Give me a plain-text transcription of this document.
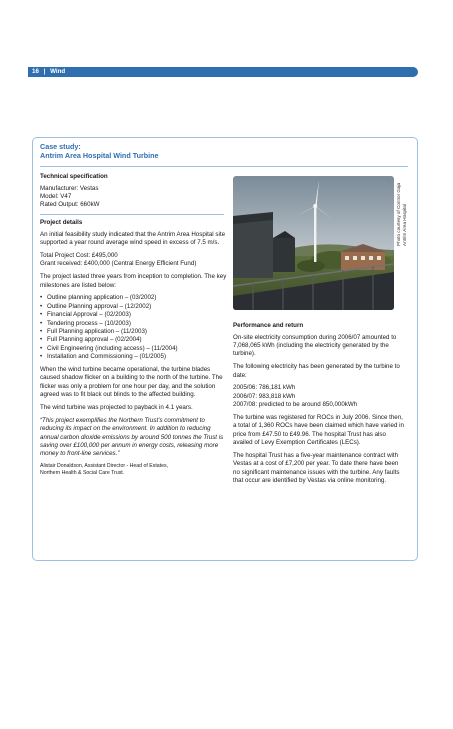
16 | Wind
Case study:
Antrim Area Hospital Wind Turbine

Technical specification

Manufacturer: Vestas
Model: V47
Rated Output: 660kW

Project details

An initial feasibility study indicated that the Antrim Area Hospital site supported a year round average wind speed in excess of 7.5 m/s.

Total Project Cost: £495,000
Grant received: £400,000 (Central Energy Efficient Fund)

The project lasted three years from inception to completion. The key milestones are listed below:

• Outline planning application – (03/2002)
• Outline Planning approval – (12/2002)
• Financial Approval – (02/2003)
• Tendering process – (10/2003)
• Full Planning application – (11/2003)
• Full Planning approval – (02/2004)
• Civil Engineering (including access) – (11/2004)
• Installation and Commissioning – (01/2005)

When the wind turbine became operational, the turbine blades caused shadow flicker on a building to the north of the turbine. The flicker was only a problem for one hour per day, and the solution agreed was to fit black out blinds to the affected building.

The wind turbine was projected to payback in 4.1 years.

“This project exemplifies the Northern Trust’s commitment to reducing its impact on the environment. In addition to reducing annual carbon dioxide emissions by around 500 tonnes the Trust is saving over £100,000 per annum in energy costs, releasing more money to front-line services.”

Alistair Donaldson, Assistant Director - Head of Estates,
Northern Health & Social Care Trust.

Photo courtesy of Connor Gaja
Antrim Area Hospital

Performance and return

On-site electricity consumption during 2006/07 amounted to 7,068,065 kWh (including the electricity generated by the turbine).

The following electricity has been generated by the turbine to date:

2005/06: 786,181 kWh
2006/07: 983,818 kWh
2007/08: predicted to be around 850,000kWh

The turbine was registered for ROCs in July 2006. Since then, a total of 1,360 ROCs have been claimed which have varied in price from £47.50 to £49.96. The hospital Trust has also availed of Levy Exemption Certificates (LECs).

The hospital Trust has a five-year maintenance contract with Vestas at a cost of £7,200 per year. To date there have been no significant maintenance issues with the turbine. Any faults that occur are identified by Vestas via online monitoring.
